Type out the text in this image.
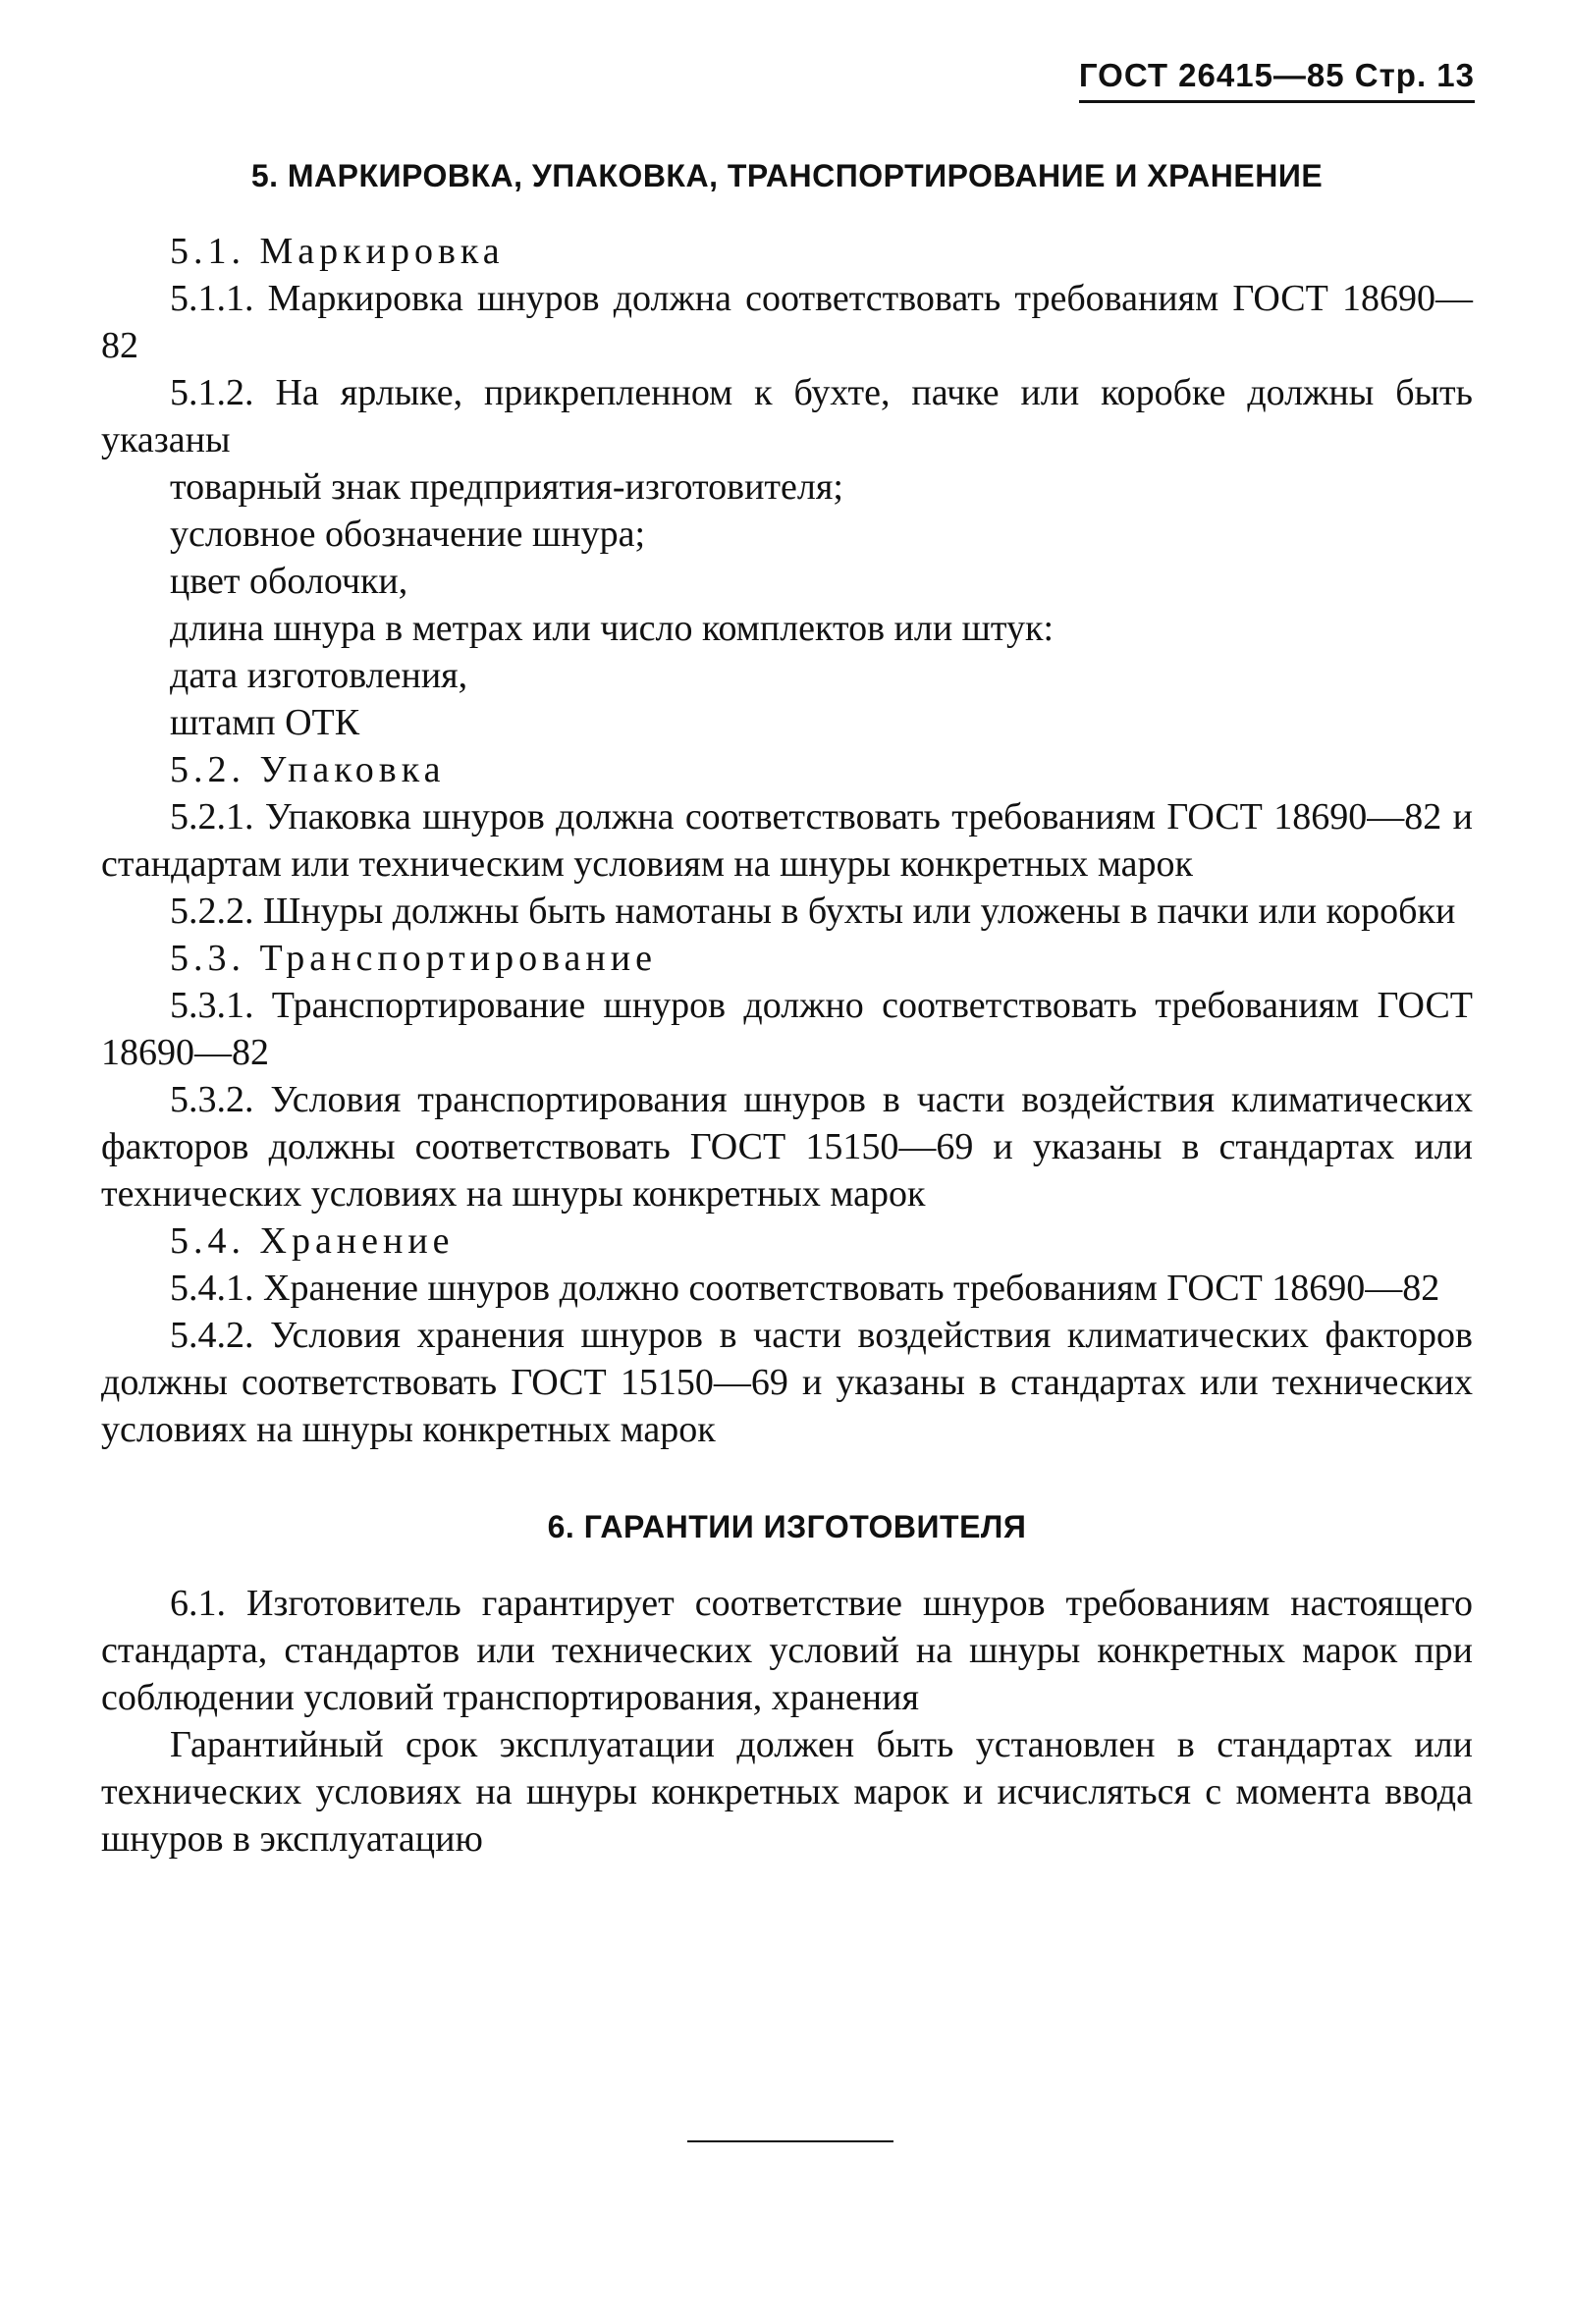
ГОСТ 26415—85 Стр. 13
5. МАРКИРОВКА, УПАКОВКА, ТРАНСПОРТИРОВАНИЕ И ХРАНЕНИЕ

5.1. Маркировка

5.1.1. Маркировка шнуров должна соответствовать требованиям ГОСТ 18690—82

5.1.2. На ярлыке, прикрепленном к бухте, пачке или коробке должны быть указаны

товарный знак предприятия-изготовителя;

условное обозначение шнура;

цвет оболочки,

длина шнура в метрах или число комплектов или штук:

дата изготовления,

штамп ОТК

5.2. Упаковка

5.2.1. Упаковка шнуров должна соответствовать требованиям ГОСТ 18690—82 и стандартам или техническим условиям на шнуры конкретных марок

5.2.2. Шнуры должны быть намотаны в бухты или уложены в пачки или коробки

5.3. Транспортирование

5.3.1. Транспортирование шнуров должно соответствовать требованиям ГОСТ 18690—82

5.3.2. Условия транспортирования шнуров в части воздействия климатических факторов должны соответствовать ГОСТ 15150—69 и указаны в стандартах или технических условиях на шнуры конкретных марок

5.4. Хранение

5.4.1. Хранение шнуров должно соответствовать требованиям ГОСТ 18690—82

5.4.2. Условия хранения шнуров в части воздействия климатических факторов должны соответствовать ГОСТ 15150—69 и указаны в стандартах или технических условиях на шнуры конкретных марок

6. ГАРАНТИИ ИЗГОТОВИТЕЛЯ

6.1. Изготовитель гарантирует соответствие шнуров требованиям настоящего стандарта, стандартов или технических условий на шнуры конкретных марок при соблюдении условий транспортирования, хранения

Гарантийный срок эксплуатации должен быть установлен в стандартах или технических условиях на шнуры конкретных марок и исчисляться с момента ввода шнуров в эксплуатацию
